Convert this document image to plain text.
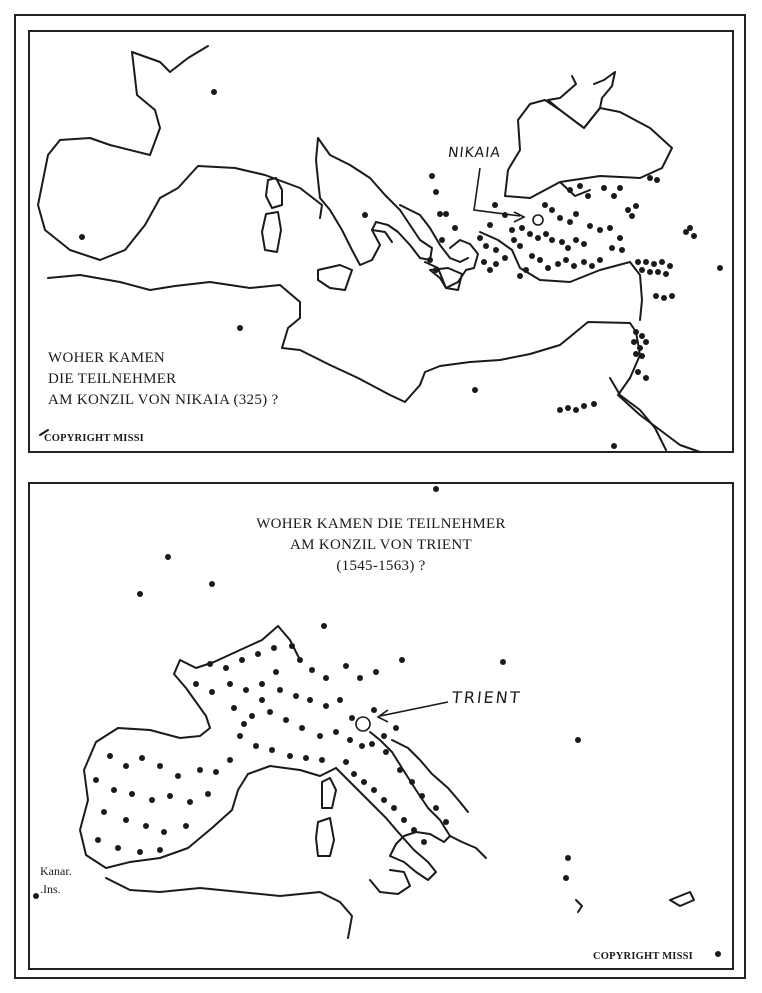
WOHER KAMEN
DIE TEILNEHMER
AM KONZIL VON NIKAIA (325) ?
COPYRIGHT MISSI
NIKAIA
WOHER KAMEN DIE TEILNEHMER
AM KONZIL VON TRIENT
(1545-1563) ?
TRIENT
Kanar.
.Ins.
COPYRIGHT MISSI
